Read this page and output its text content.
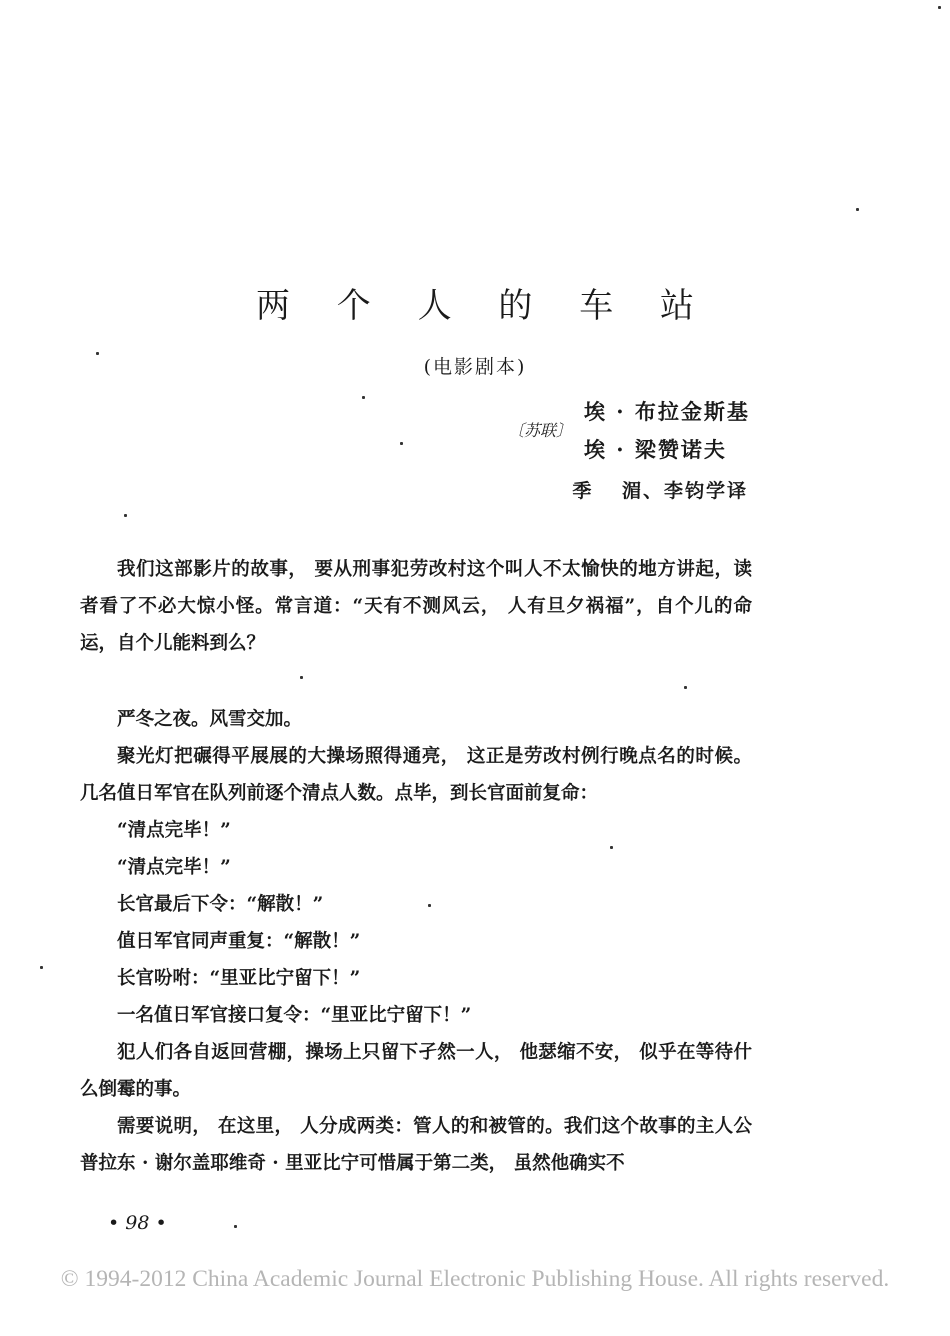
两 个 人 的 车 站
(电影剧本)
〔苏联〕
埃 · 布拉金斯基
埃 · 梁赞诺夫
季 湄、李钧学译

我们这部影片的故事， 要从刑事犯劳改村这个叫人不太愉快的地方讲起，读者看了不必大惊小怪。常言道：“天有不测风云， 人有旦夕祸福”，自个儿的命运，自个儿能料到么？

严冬之夜。风雪交加。

聚光灯把碾得平展展的大操场照得通亮， 这正是劳改村例行晚点名的时候。几名值日军官在队列前逐个清点人数。点毕，到长官面前复命：

“清点完毕！”

“清点完毕！”

长官最后下令：“解散！”

值日军官同声重复：“解散！”

长官吩咐：“里亚比宁留下！”

一名值日军官接口复令：“里亚比宁留下！”

犯人们各自返回营棚，操场上只留下孑然一人， 他瑟缩不安， 似乎在等待什么倒霉的事。

需要说明， 在这里， 人分成两类：管人的和被管的。我们这个故事的主人公普拉东 · 谢尔盖耶维奇 · 里亚比宁可惜属于第二类， 虽然他确实不

• 98 •
© 1994-2012 China Academic Journal Electronic Publishing House. All rights reserved.
